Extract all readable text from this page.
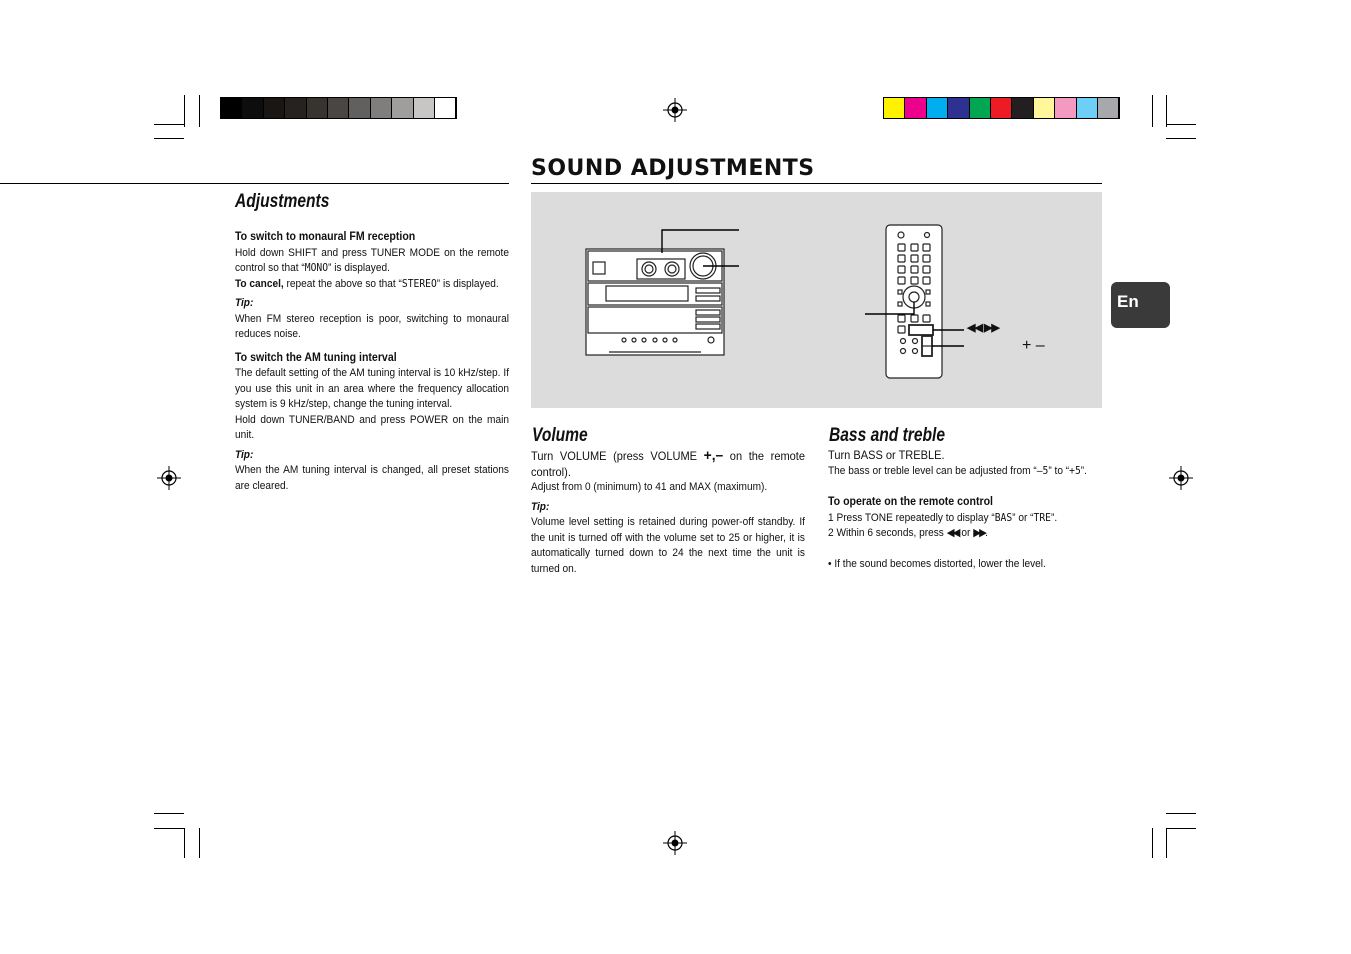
SOUND ADJUSTMENTS
Adjustments

To switch to monaural FM reception

Hold down SHIFT and press TUNER MODE on the remote control so that “MONO” is displayed.

To cancel, repeat the above so that “STEREO” is displayed.

Tip:

When FM stereo reception is poor, switching to monaural reduces noise.

To switch the AM tuning interval

The default setting of the AM tuning interval is 10 kHz/step. If you use this unit in an area where the frequency allocation system is 9 kHz/step, change the tuning interval.

Hold down TUNER/BAND and press POWER on the main unit.

Tip:

When the AM tuning interval is changed, all preset stations are cleared.

◀◀ ▶▶
+ –
En
Volume

Turn VOLUME (press VOLUME +,– on the remote control).

Adjust from 0 (minimum) to 41 and MAX (maximum).

Tip:

Volume level setting is retained during power-off standby. If the unit is turned off with the volume set to 25 or higher, it is automatically turned down to 24 the next time the unit is turned on.

Bass and treble

Turn BASS or TREBLE.

The bass or treble level can be adjusted from “–5” to “+5”.

To operate on the remote control

1 Press TONE repeatedly to display “BAS” or “TRE”.

2 Within 6 seconds, press ◀◀ or ▶▶.

• If the sound becomes distorted, lower the level.
